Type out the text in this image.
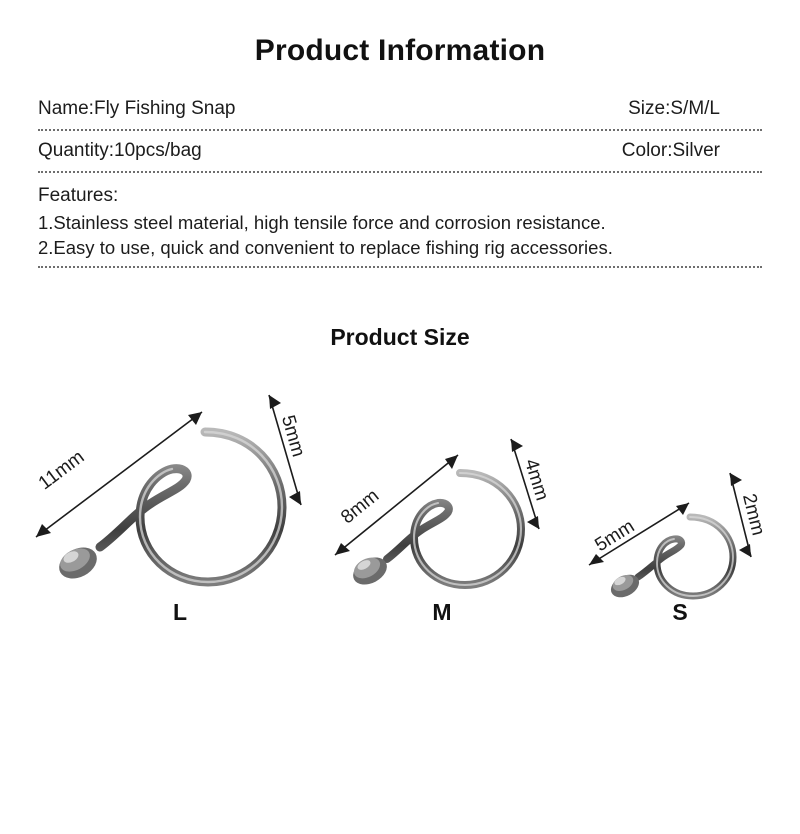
Product Information
Name:Fly Fishing Snap	Size:S/M/L
Quantity:10pcs/bag	Color:Silver
Features:
1.Stainless steel material, high tensile force and corrosion resistance.
2.Easy to use, quick and convenient to replace fishing rig accessories.
Product Size
11mm
5mm
L
8mm
4mm
M
5mm	2mm
S
